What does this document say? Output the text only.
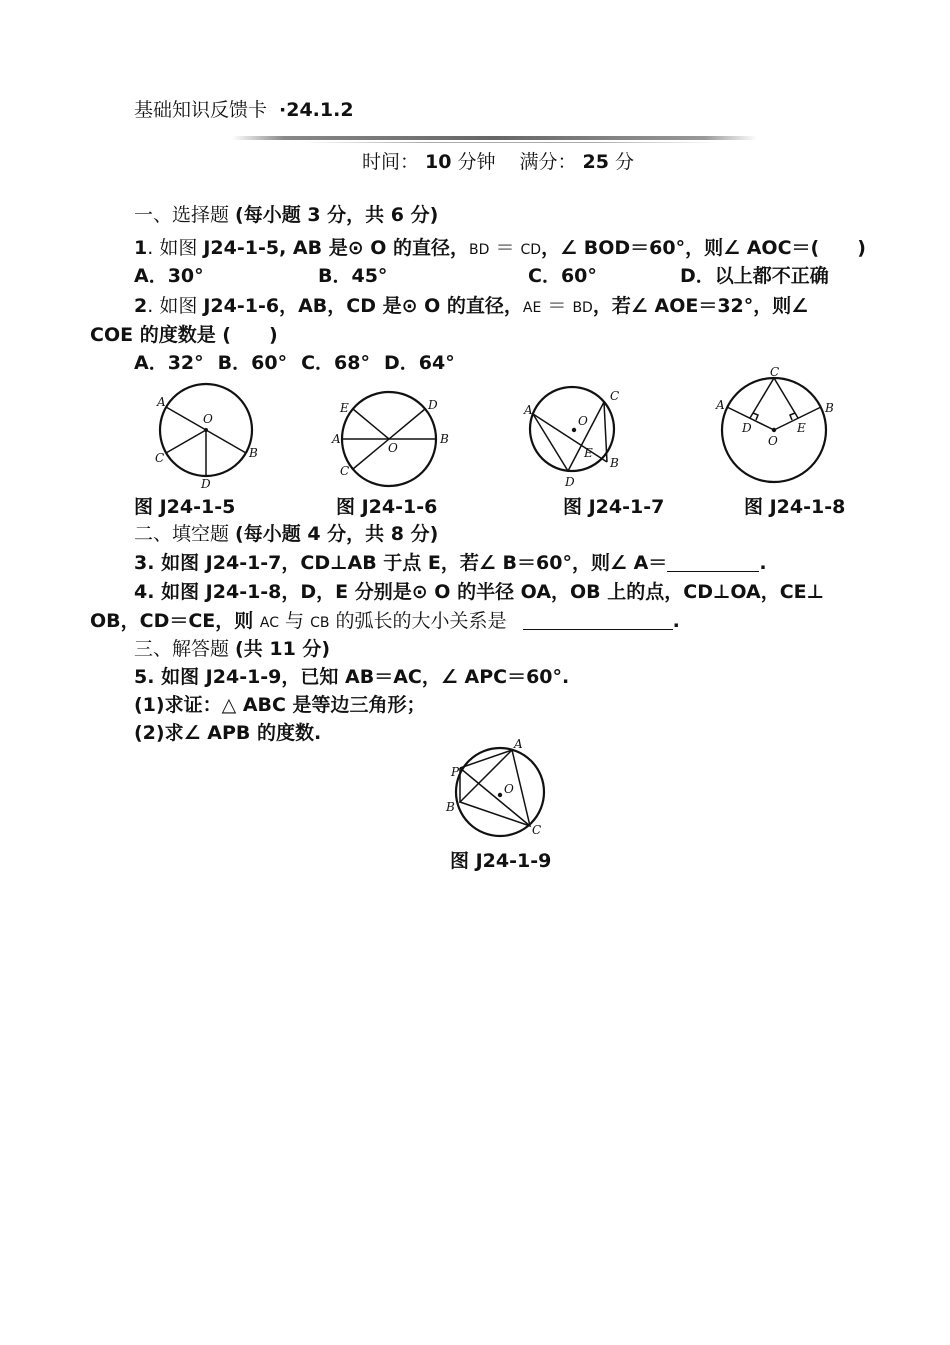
基础知识反馈卡 ·24.1.2
时间： 10 分钟 满分： 25 分
一、选择题 (每小题 3 分，共 6 分)
1. 如图 J24-1-5, AB 是⊙ O 的直径，BD ＝ CD，∠ BOD＝60°，则∠ AOC＝(　　)
A．30°	B．45°	C．60°	D．以上都不正确
2. 如图 J24-1-6，AB，CD 是⊙ O 的直径，AE ＝ BD，若∠ AOE＝32°，则∠
COE 的度数是 (　　)
A．32° B．60° C．68° D．64°
A
O
B
C
D
E	D
A
O
B
C
A
O
C
E
B
D
C
A	B
D	E
O
图 J24-1-5	图 J24-1-6	图 J24-1-7	图 J24-1-8
二、填空题 (每小题 4 分，共 8 分)
3. 如图 J24-1-7，CD⊥AB 于点 E，若∠ B＝60°，则∠ A＝	.
4. 如图 J24-1-8，D，E 分别是⊙ O 的半径 OA，OB 上的点，CD⊥OA，CE⊥
OB，CD＝CE，则 AC 与 CB 的弧长的大小关系是	.
三、解答题 (共 11 分)
5. 如图 J24-1-9，已知 AB＝AC，∠ APC＝60°.
(1)求证：△ ABC 是等边三角形；
(2)求∠ APB 的度数.	A
P
O
B
C
图 J24-1-9
